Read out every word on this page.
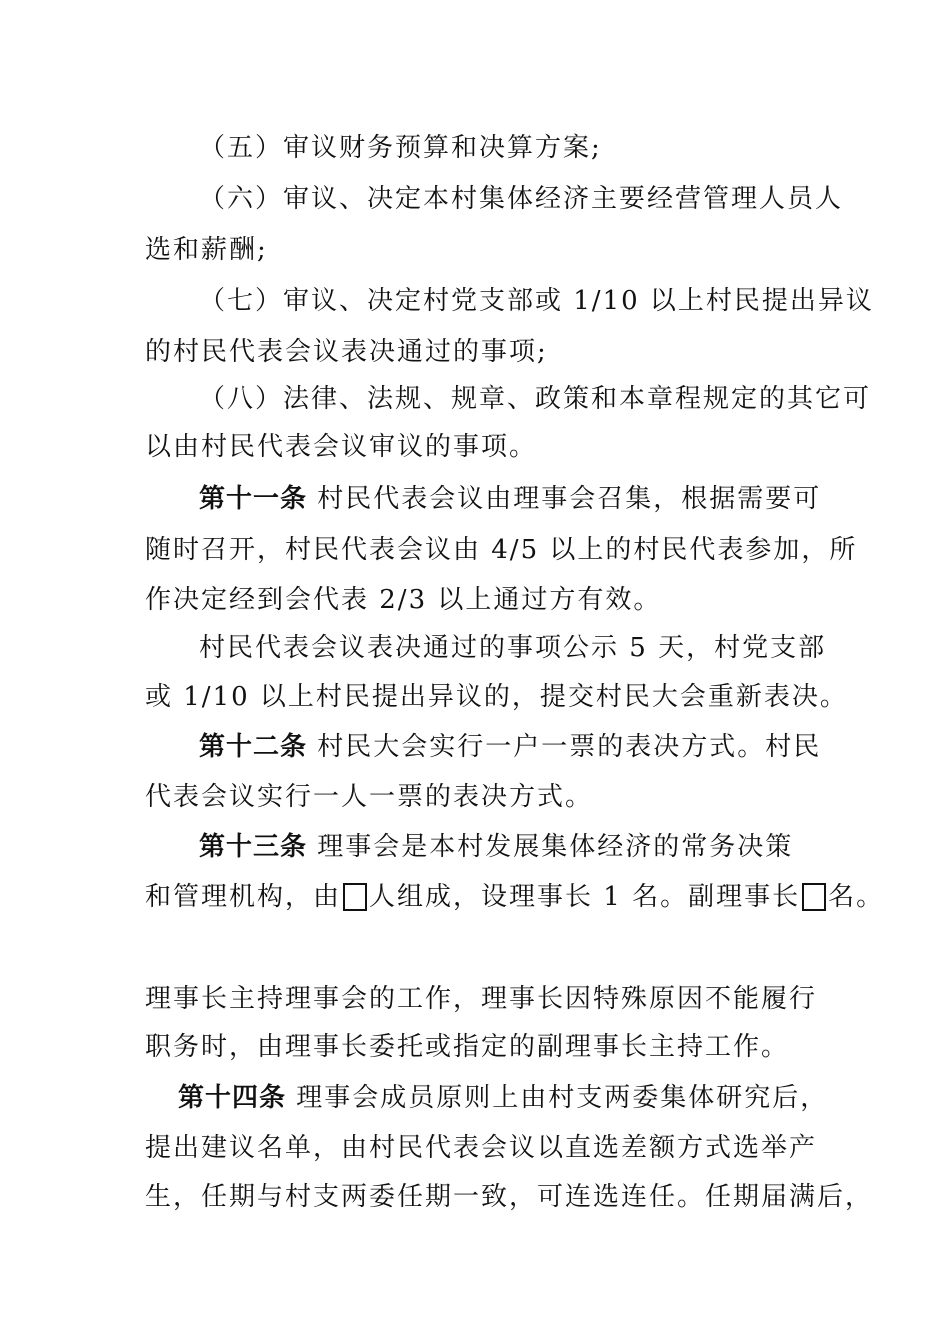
（五）审议财务预算和决算方案;
（六）审议、决定本村集体经济主要经营管理人员人
选和薪酬;
（七）审议、决定村党支部或 1/10 以上村民提出异议
的村民代表会议表决通过的事项;
（八）法律、法规、规章、政策和本章程规定的其它可
以由村民代表会议审议的事项。
第十一条 村民代表会议由理事会召集，根据需要可
随时召开，村民代表会议由 4/5 以上的村民代表参加，所
作决定经到会代表 2/3 以上通过方有效。
村民代表会议表决通过的事项公示 5 天，村党支部
或 1/10 以上村民提出异议的，提交村民大会重新表决。
第十二条 村民大会实行一户一票的表决方式。村民
代表会议实行一人一票的表决方式。
第十三条 理事会是本村发展集体经济的常务决策
和管理机构，由 人组成，设理事长 1 名。副理事长 名。
理事长主持理事会的工作，理事长因特殊原因不能履行
职务时，由理事长委托或指定的副理事长主持工作。
第十四条 理事会成员原则上由村支两委集体研究后，
提出建议名单，由村民代表会议以直选差额方式选举产
生，任期与村支两委任期一致，可连选连任。任期届满后，
